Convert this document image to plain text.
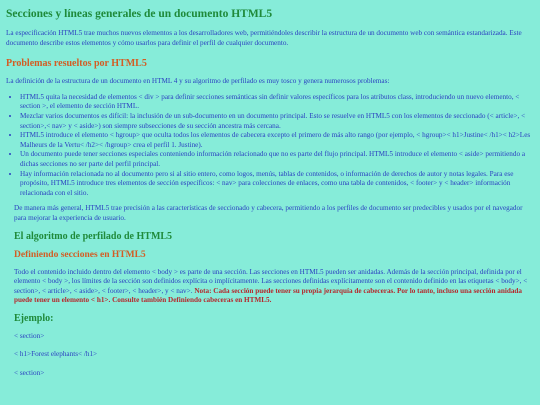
Secciones y líneas generales de un documento HTML5

La especificación HTML5 trae muchos nuevos elementos a los desarrolladores web, permitiéndoles describir la estructura de un documento web con semántica estandarizada. Este documento describe estos elementos y cómo usarlos para definir el perfil de cualquier documento.

Problemas resueltos por HTML5

La definición de la estructura de un documento en HTML 4 y su algoritmo de perfilado es muy tosco y genera numerosos problemas:

• HTML5 quita la necesidad de elementos < div > para definir secciones semánticas sin definir valores específicos para los atributos class, introduciendo un nuevo elemento, < section >, el elemento de sección HTML.
• Mezclar varios documentos es difícil: la inclusión de un sub-documento en un documento principal. Esto se resuelve en HTML5 con los elementos de seccionado (< article>, < section>,< nav> y < aside>) son siempre subsecciones de su sección ancestra más cercana.
• HTML5 introduce el elemento < hgroup> que oculta todos los elementos de cabecera excepto el primero de más alto rango (por ejemplo, < hgroup>< h1>Justine< /h1>< h2>Les Malheurs de la Vertu< /h2>< /hgroup> crea el perfil 1. Justine).
• Un documento puede tener secciones especiales conteniendo información relacionado que no es parte del flujo principal. HTML5 introduce el elemento < aside> permitiendo a dichas secciones no ser parte del perfil principal.
• Hay información relacionada no al documento pero si al sitio entero, como logos, menús, tablas de contenidos, o información de derechos de autor y notas legales. Para ese propósito, HTML5 introduce tres elementos de sección específicos: < nav> para colecciones de enlaces, como una tabla de contenidos, < footer> y < header> información relacionada con el sitio.

De manera más general, HTML5 trae precisión a las características de seccionado y cabecera, permitiendo a los perfiles de documento ser predecibles y usados por el navegador para mejorar la experiencia de usuario.

El algoritmo de perfilado de HTML5
Definiendo secciones en HTML5

Todo el contenido incluido dentro del elemento < body > es parte de una sección. Las secciones en HTML5 pueden ser anidadas. Además de la sección principal, definida por el elemento < body >, los límites de la sección son definidos explícita o implícitamente. Las secciones definidas explícitamente son el contenido definido en las etiquetas < body>, < section>, < article>, < aside>, < footer>, < header>, y < nav>. Nota: Cada sección puede tener su propia jerarquía de cabeceras. Por lo tanto, incluso una sección anidada puede tener un elemento < h1>. Consulte también Definiendo cabeceras en HTML5.

Ejemplo:

< section>

< h1>Forest elephants< /h1>

< section>
